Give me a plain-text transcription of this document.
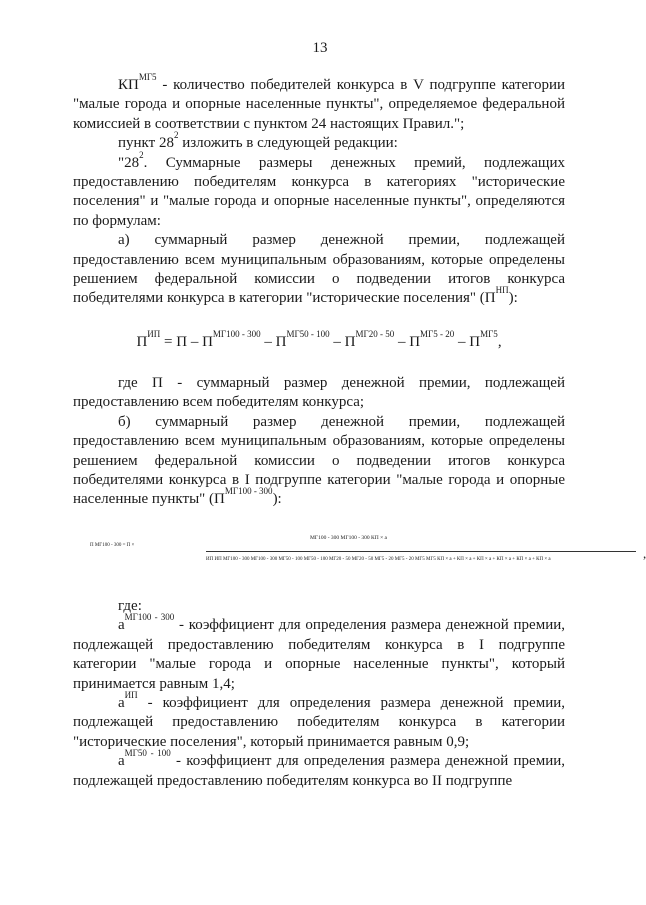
13

$КП^{МГ5}$ - количество победителей конкурса в V подгруппе категории "малые города и опорные населенные пункты", определяемое федеральной комиссией в соответствии с пунктом 24 настоящих Правил.";

пункт $28^2$ изложить в следующей редакции:

"$28^2$. Суммарные размеры денежных премий, подлежащих предоставлению победителям конкурса в категориях "исторические поселения" и "малые города и опорные населенные пункты", определяются по формулам:

а) суммарный размер денежной премии, подлежащей предоставлению всем муниципальным образованиям, которые определены решением федеральной комиссии о подведении итогов конкурса победителями конкурса в категории "исторические поселения" $(П^{НП})$:

$П^{ИП} = П - П^{МГ100 - 300} - П^{МГ50 - 100} - П^{МГ20 - 50} - П^{МГ5 - 20} - П^{МГ5}$,

где П - суммарный размер денежной премии, подлежащей предоставлению всем победителям конкурса;

б) суммарный размер денежной премии, подлежащей предоставлению всем муниципальным образованиям, которые определены решением федеральной комиссии о подведении итогов конкурса победителями конкурса в I подгруппе категории "малые города и опорные населенные пункты" $(П^{МГ100 - 300})$:

П МГ100 - 300 = П ×
МГ100 - 300 МГ100 - 300 КП × а
ИП ИП МГ100 - 300 МГ100 - 300 МГ50 - 100 МГ50 - 100 МГ20 - 50 МГ20 - 50 МГ5 - 20 МГ5 - 20 МГ5 МГ5 КП × а + КП × а + КП × а + КП × а + КП × а + КП × а	,

где:

$а^{МГ100 - 300}$ - коэффициент для определения размера денежной премии, подлежащей предоставлению победителям конкурса в I подгруппе категории "малые города и опорные населенные пункты", который принимается равным 1,4;

$а^{ИП}$ - коэффициент для определения размера денежной премии, подлежащей предоставлению победителям конкурса в категории "исторические поселения", который принимается равным 0,9;

$а^{МГ50 - 100}$ - коэффициент для определения размера денежной премии, подлежащей предоставлению победителям конкурса во II подгруппе
